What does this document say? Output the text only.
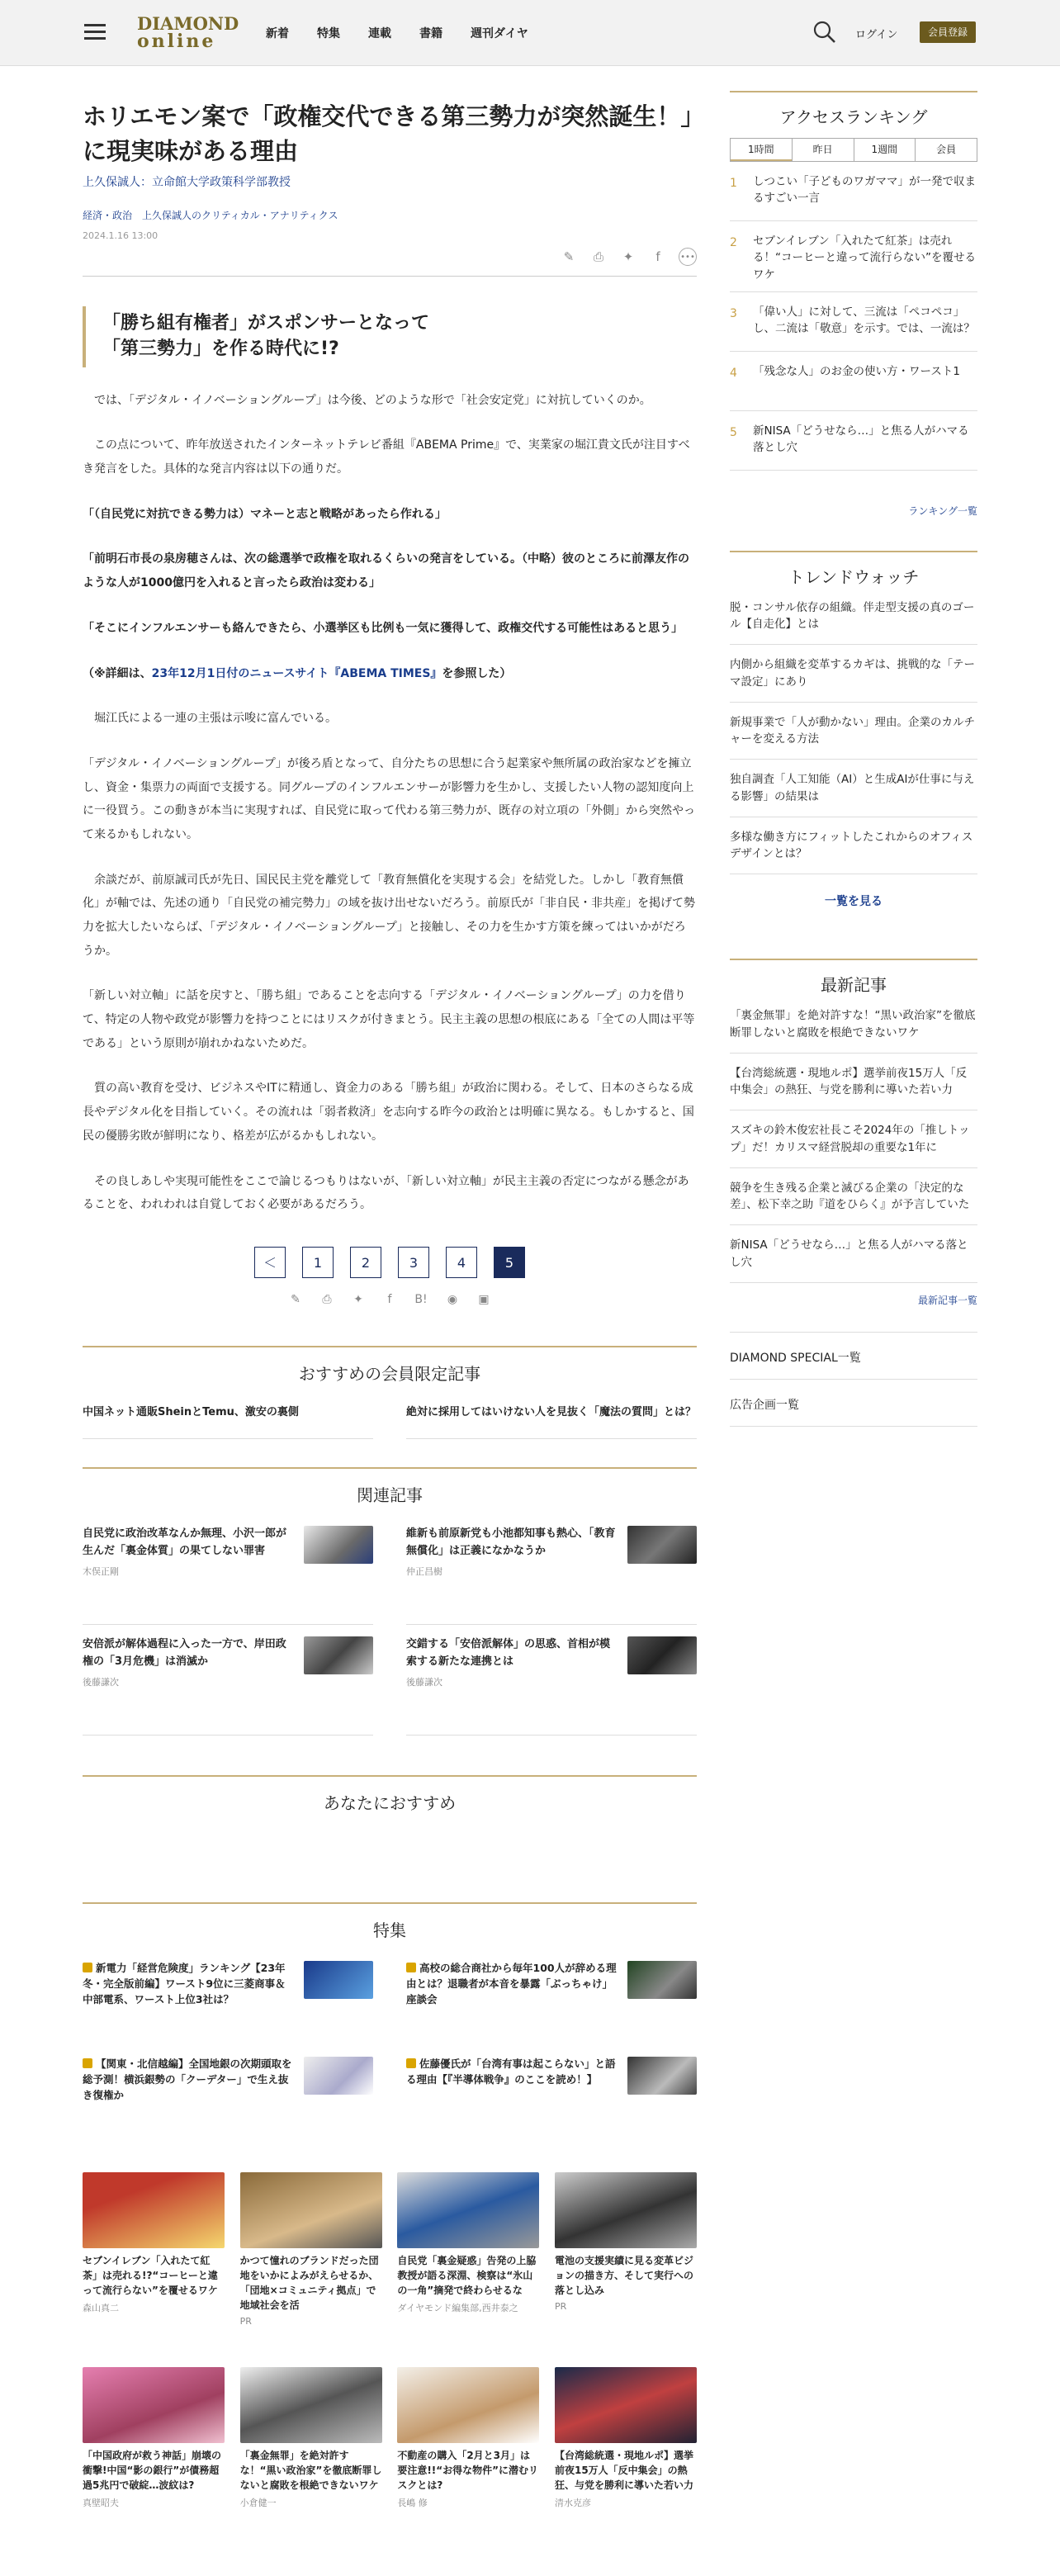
DIAMOND
online	新着 特集 連載 書籍 週刊ダイヤ	ログイン	会員登録
ホリエモン案で「政権交代できる第三勢力が突然誕生！」に現実味がある理由
上久保誠人：立命館大学政策科学部教授
経済・政治　上久保誠人のクリティカル・アナリティクス
2024.1.16 13:00
✎	⎙	✦	f	•••
「勝ち組有権者」がスポンサーとなって
「第三勢力」を作る時代に!?

　では、「デジタル・イノベーショングループ」は今後、どのような形で「社会安定党」に対抗していくのか。

　この点について、昨年放送されたインターネットテレビ番組『ABEMA Prime』で、実業家の堀江貴文氏が注目すべき発言をした。具体的な発言内容は以下の通りだ。

「（自民党に対抗できる勢力は）マネーと志と戦略があったら作れる」

「前明石市長の泉房穂さんは、次の総選挙で政権を取れるくらいの発言をしている。（中略）彼のところに前澤友作のような人が1000億円を入れると言ったら政治は変わる」

「そこにインフルエンサーも絡んできたら、小選挙区も比例も一気に獲得して、政権交代する可能性はあると思う」

（※詳細は、23年12月1日付のニュースサイト『ABEMA TIMES』を参照した）

　堀江氏による一連の主張は示唆に富んでいる。

「デジタル・イノベーショングループ」が後ろ盾となって、自分たちの思想に合う起業家や無所属の政治家などを擁立し、資金・集票力の両面で支援する。同グループのインフルエンサーが影響力を生かし、支援したい人物の認知度向上に一役買う。この動きが本当に実現すれば、自民党に取って代わる第三勢力が、既存の対立項の「外側」から突然やって来るかもしれない。

　余談だが、前原誠司氏が先日、国民民主党を離党して「教育無償化を実現する会」を結党した。しかし「教育無償化」が軸では、先述の通り「自民党の補完勢力」の域を抜け出せないだろう。前原氏が「非自民・非共産」を掲げて勢力を拡大したいならば、「デジタル・イノベーショングループ」と接触し、その力を生かす方策を練ってはいかがだろうか。

「新しい対立軸」に話を戻すと、「勝ち組」であることを志向する「デジタル・イノベーショングループ」の力を借りて、特定の人物や政党が影響力を持つことにはリスクが付きまとう。民主主義の思想の根底にある「全ての人間は平等である」という原則が崩れかねないためだ。

　質の高い教育を受け、ビジネスやITに精通し、資金力のある「勝ち組」が政治に関わる。そして、日本のさらなる成長やデジタル化を目指していく。その流れは「弱者救済」を志向する昨今の政治とは明確に異なる。もしかすると、国民の優勝劣敗が鮮明になり、格差が広がるかもしれない。

　その良しあしや実現可能性をここで論じるつもりはないが、「新しい対立軸」が民主主義の否定につながる懸念があることを、われわれは自覚しておく必要があるだろう。

＜	1	2	3	4	5
✎	⎙	✦	f	B!	◉	▣
おすすめの会員限定記事
中国ネット通販SheinとTemu、激安の裏側	絶対に採用してはいけない人を見抜く「魔法の質問」とは？
関連記事
自民党に政治改革なんか無理、小沢一郎が生んだ「裏金体質」の果てしない罪害
木俣正剛
維新も前原新党も小池都知事も熱心、「教育無償化」は正義になかなうか
仲正昌樹
安倍派が解体過程に入った一方で、岸田政権の「3月危機」は消滅か
後藤謙次
交錯する「安倍派解体」の思惑、首相が模索する新たな連携とは
後藤謙次
あなたにおすすめ
特集
新電力「経営危険度」ランキング【23年冬・完全版前編】ワースト9位に三菱商事＆中部電系、ワースト上位3社は？
高校の総合商社から毎年100人が辞める理由とは？退職者が本音を暴露「ぶっちゃけ」座談会
【関東・北信越編】全国地銀の次期頭取を総予測！横浜銀勢の「クーデター」で生え抜き復権か
佐藤優氏が「台湾有事は起こらない」と語る理由【『半導体戦争』のここを読め！】
セブンイレブン「入れたて紅茶」は売れる!?“コーヒーと違って流行らない”を覆せるワケ
森山真二
かつて憧れのブランドだった団地をいかによみがえらせるか、「団地×コミュニティ拠点」で地域社会を活
PR
自民党「裏金疑惑」告発の上脇教授が語る深淵、検察は“氷山の一角”摘発で終わらせるな
ダイヤモンド編集部,西井泰之
電池の支援実績に見る変革ビジョンの描き方、そして実行への落とし込み
PR
「中国政府が救う神話」崩壊の衝撃!中国“影の銀行”が債務超過5兆円で破綻…波紋は?
真壁昭夫
「裏金無罪」を絶対許すな！“黒い政治家”を徹底断罪しないと腐敗を根絶できないワケ
小倉健一
不動産の購入「2月と3月」は要注意!!“お得な物件”に潜むリスクとは?
長嶋 修
【台湾総統選・現地ルポ】選挙前夜15万人「反中集会」の熱狂、与党を勝利に導いた若い力
清水克彦
アクセスランキング
1時間	昨日	1週間	会員
1	しつこい「子どものワガママ」が一発で収まるすごい一言
2	セブンイレブン「入れたて紅茶」は売れる！“コーヒーと違って流行らない”を覆せるワケ
3	「偉い人」に対して、三流は「ペコペコ」し、二流は「敬意」を示す。では、一流は？
4	「残念な人」のお金の使い方・ワースト1
5	新NISA「どうせなら…」と焦る人がハマる落とし穴
ランキング一覧
トレンドウォッチ
脱・コンサル依存の組織。伴走型支援の真のゴール【自走化】とは
内側から組織を変革するカギは、挑戦的な「テーマ設定」にあり
新規事業で「人が動かない」理由。企業のカルチャーを変える方法
独自調査「人工知能（AI）と生成AIが仕事に与える影響」の結果は
多様な働き方にフィットしたこれからのオフィスデザインとは？
一覧を見る
最新記事
「裏金無罪」を絶対許すな！“黒い政治家”を徹底断罪しないと腐敗を根絶できないワケ
【台湾総統選・現地ルポ】選挙前夜15万人「反中集会」の熱狂、与党を勝利に導いた若い力
スズキの鈴木俊宏社長こそ2024年の「推しトップ」だ！カリスマ経営脱却の重要な1年に
競争を生き残る企業と滅びる企業の「決定的な差」、松下幸之助『道をひらく』が予言していた
新NISA「どうせなら…」と焦る人がハマる落とし穴
最新記事一覧
DIAMOND SPECIAL一覧
広告企画一覧
